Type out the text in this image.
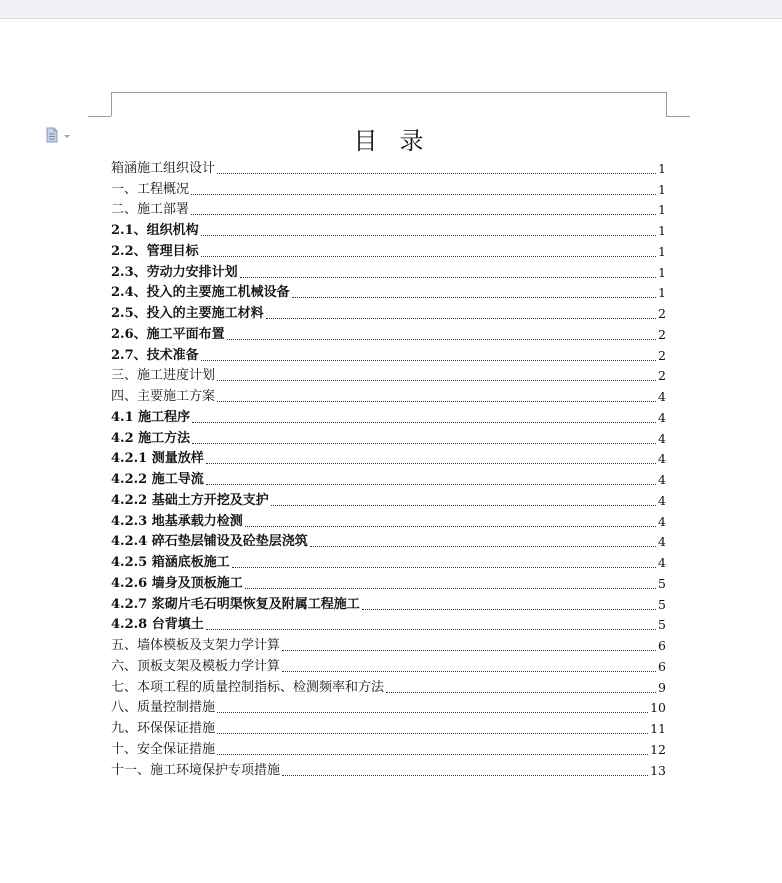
目录
箱涵施工组织设计	1
一、工程概况	1
二、施工部署	1
2.1、组织机构	1
2.2、管理目标	1
2.3、劳动力安排计划	1
2.4、投入的主要施工机械设备	1
2.5、投入的主要施工材料	2
2.6、施工平面布置	2
2.7、技术准备	2
三、施工进度计划	2
四、主要施工方案	4
4.1 施工程序	4
4.2 施工方法	4
4.2.1 测量放样	4
4.2.2 施工导流	4
4.2.2 基础土方开挖及支护	4
4.2.3 地基承载力检测	4
4.2.4 碎石垫层铺设及砼垫层浇筑	4
4.2.5 箱涵底板施工	4
4.2.6 墙身及顶板施工	5
4.2.7 浆砌片毛石明渠恢复及附属工程施工	5
4.2.8 台背填土	5
五、墙体模板及支架力学计算	6
六、顶板支架及模板力学计算	6
七、本项工程的质量控制指标、检测频率和方法	9
八、质量控制措施	10
九、环保保证措施	11
十、安全保证措施	12
十一、施工环境保护专项措施	13
